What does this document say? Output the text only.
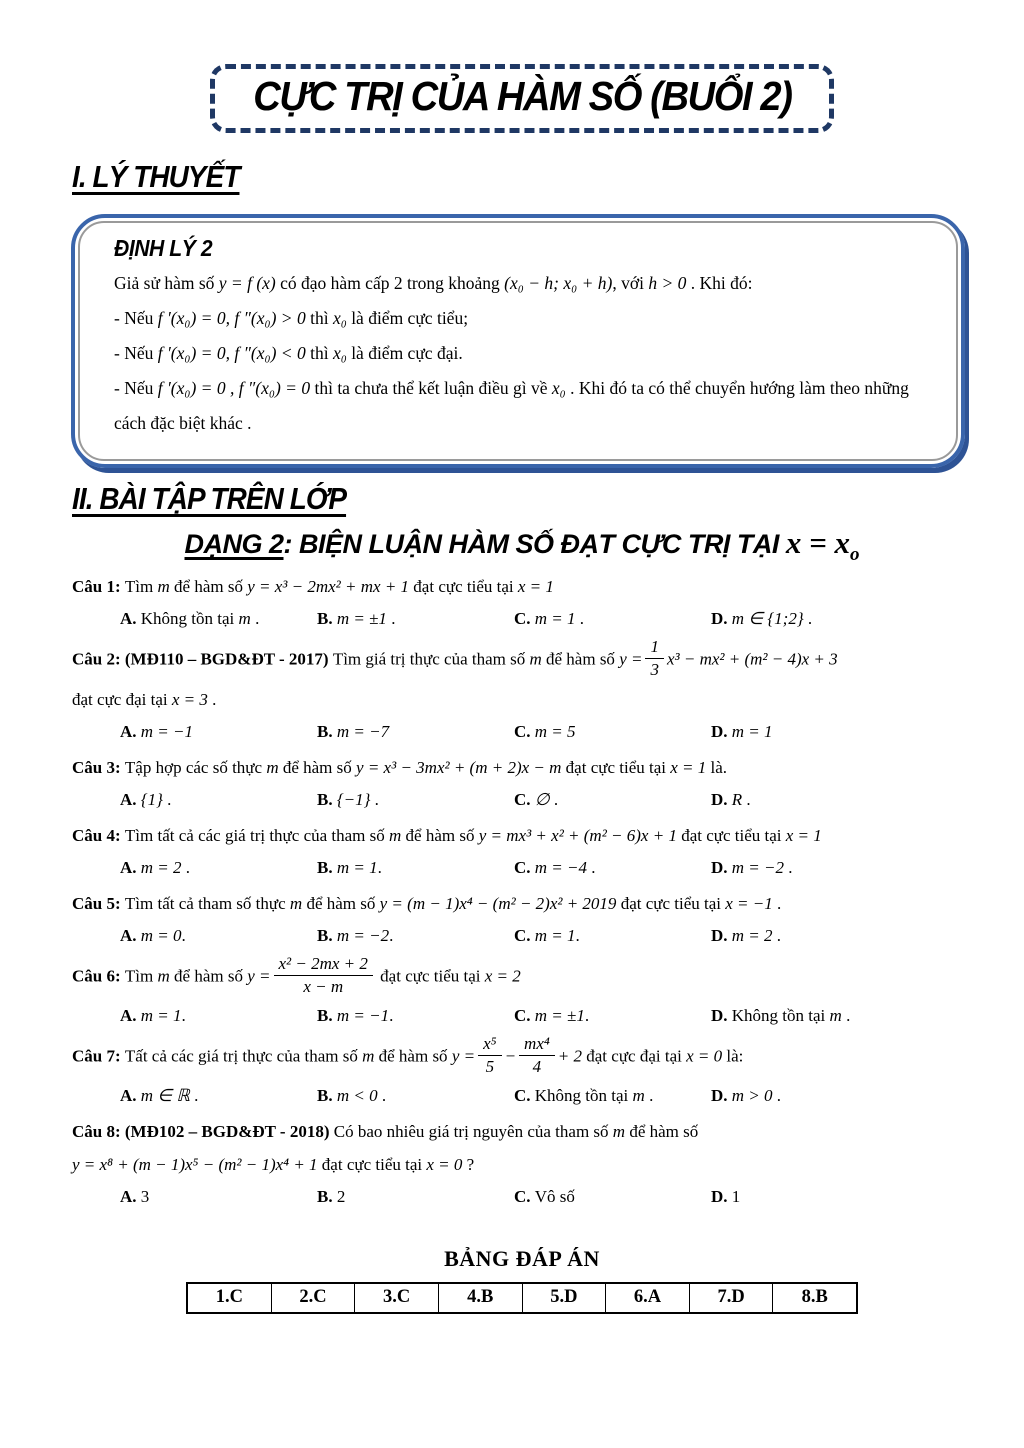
CỰC TRỊ CỦA HÀM SỐ (BUỔI 2)
I. LÝ THUYẾT
ĐỊNH LÝ 2
Giả sử hàm số y = f (x) có đạo hàm cấp 2 trong khoảng (x₀ − h; x₀ + h), với h > 0 . Khi đó:
- Nếu f ′(x₀) = 0, f ″(x₀) > 0 thì x₀ là điểm cực tiểu;
- Nếu f ′(x₀) = 0, f ″(x₀) < 0 thì x₀ là điểm cực đại.
- Nếu f ′(x₀) = 0 , f ″(x₀) = 0 thì ta chưa thể kết luận điều gì về x₀ . Khi đó ta có thể chuyển hướng làm theo những cách đặc biệt khác .
II. BÀI TẬP TRÊN LỚP
DẠNG 2: BIỆN LUẬN HÀM SỐ ĐẠT CỰC TRỊ TẠI $x = x_o$
Câu 1: Tìm m để hàm số y = x³ − 2mx² + mx + 1 đạt cực tiểu tại x = 1
A. Không tồn tại m .	B. m = ±1 .	C. m = 1 .	D. m ∈ {1;2} .
Câu 2: (MĐ110 – BGD&ĐT - 2017) Tìm giá trị thực của tham số m để hàm số $y = \frac{1}{3} x^3 - mx^2 + (m^2 - 4)x + 3$
đạt cực đại tại x = 3 .
A. m = −1	B. m = −7	C. m = 5	D. m = 1
Câu 3: Tập hợp các số thực m để hàm số y = x³ − 3mx² + (m + 2)x − m đạt cực tiểu tại x = 1 là.
A. {1} .	B. {−1} .	C. ∅ .	D. R .
Câu 4: Tìm tất cả các giá trị thực của tham số m để hàm số y = mx³ + x² + (m² − 6)x + 1 đạt cực tiểu tại x = 1
A. m = 2 .	B. m = 1.	C. m = −4 .	D. m = −2 .
Câu 5: Tìm tất cả tham số thực m để hàm số y = (m − 1)x⁴ − (m² − 2)x² + 2019 đạt cực tiểu tại x = −1 .
A. m = 0.	B. m = −2.	C. m = 1.	D. m = 2 .
Câu 6: Tìm m để hàm số $y = \frac{\text{x² − 2mx + 2}}{x - m}$ đạt cực tiểu tại x = 2
A. m = 1.	B. m = −1.	C. m = ±1.	D. Không tồn tại m .
Câu 7: Tất cả các giá trị thực của tham số m để hàm số $y = \frac{\text{x⁵}}{5} - \frac{\text{mx⁴}}{4} + 2$ đạt cực đại tại x = 0 là:
A. m ∈ ℝ .	B. m < 0 .	C. Không tồn tại m .	D. m > 0 .
Câu 8: (MĐ102 – BGD&ĐT - 2018) Có bao nhiêu giá trị nguyên của tham số m để hàm số
y = x⁸ + (m − 1)x⁵ − (m² − 1)x⁴ + 1 đạt cực tiểu tại x = 0 ?
A. 3	B. 2	C. Vô số	D. 1
BẢNG ĐÁP ÁN
1.C	2.C	3.C	4.B	5.D	6.A	7.D	8.B
